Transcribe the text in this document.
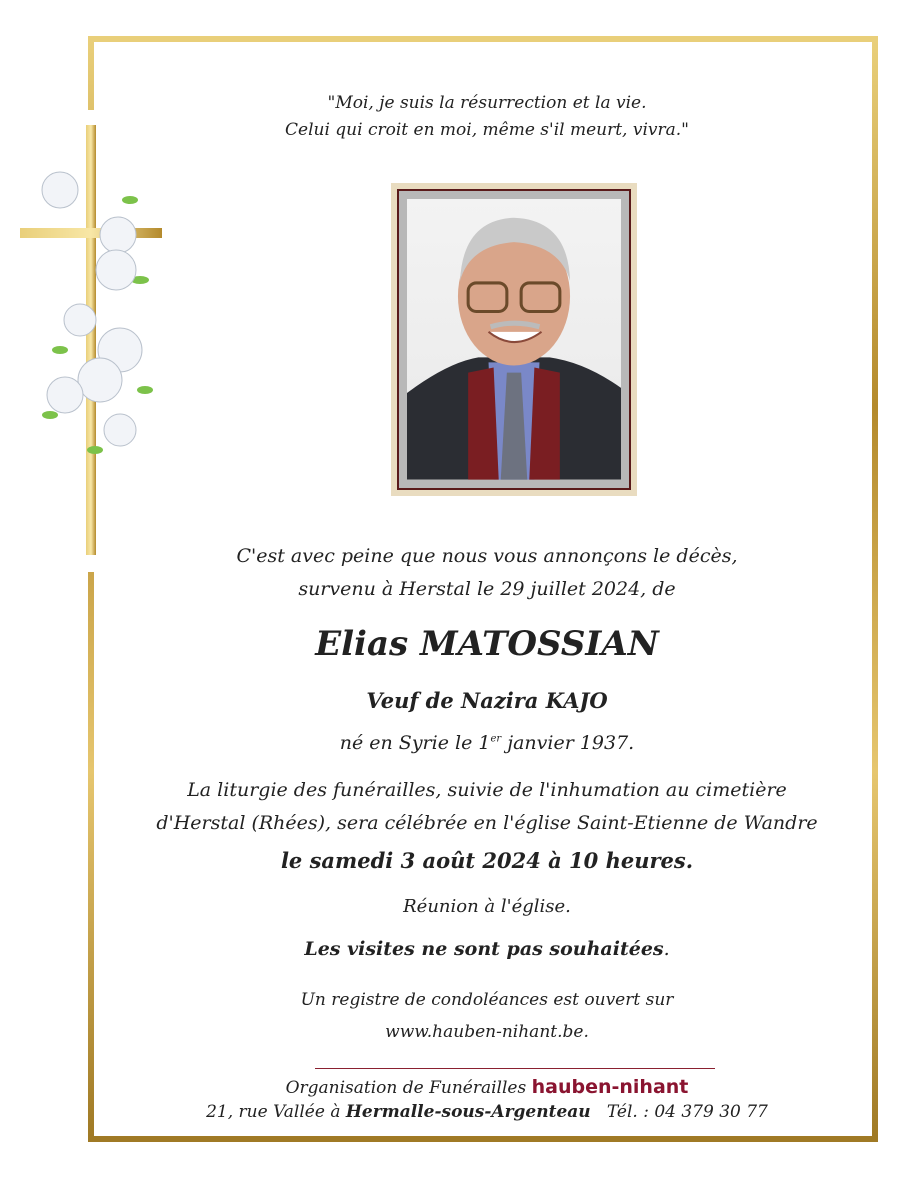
"Moi, je suis la résurrection et la vie.
Celui qui croit en moi, même s'il meurt, vivra."
C'est avec peine que nous vous annonçons le décès,
survenu à Herstal le 29 juillet 2024, de
Elias MATOSSIAN
Veuf de Nazira KAJO
né en Syrie le 1er janvier 1937.
La liturgie des funérailles, suivie de l'inhumation au cimetière
d'Herstal (Rhées), sera célébrée en l'église Saint-Etienne de Wandre
le samedi 3 août 2024 à 10 heures.
Réunion à l'église.
Les visites ne sont pas souhaitées.
Un registre de condoléances est ouvert sur
www.hauben-nihant.be.
Organisation de Funérailles hauben-nihant
21, rue Vallée à Hermalle-sous-Argenteau   Tél. : 04 379 30 77
